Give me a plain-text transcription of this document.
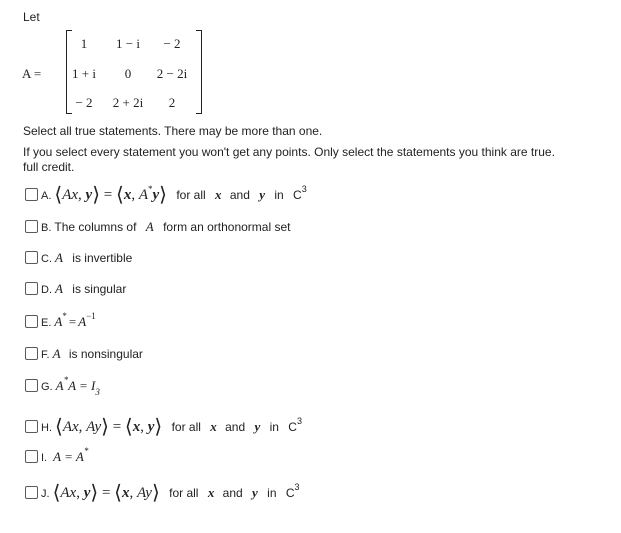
Let
A =
1	1 − i	− 2
1 + i	0	2 − 2i
− 2	2 + 2i	2
Select all true statements. There may be more than one.
If you select every statement you won't get any points. Only select the statements you think are true.
full credit.
A. ⟨Ax, y⟩ = ⟨x, A*y⟩ for all x and y in $C^3$
B. The columns of A form an orthonormal set
C. A is invertible
D. A is singular
E. $A^* = A^{-1}$
F. A is nonsingular
G. $A^*A = I_3$
H. ⟨Ax, Ay⟩ = ⟨x, y⟩ for all x and y in $C^3$
I. A = A*
J. ⟨Ax, y⟩ = ⟨x, Ay⟩ for all x and y in $C^3$
